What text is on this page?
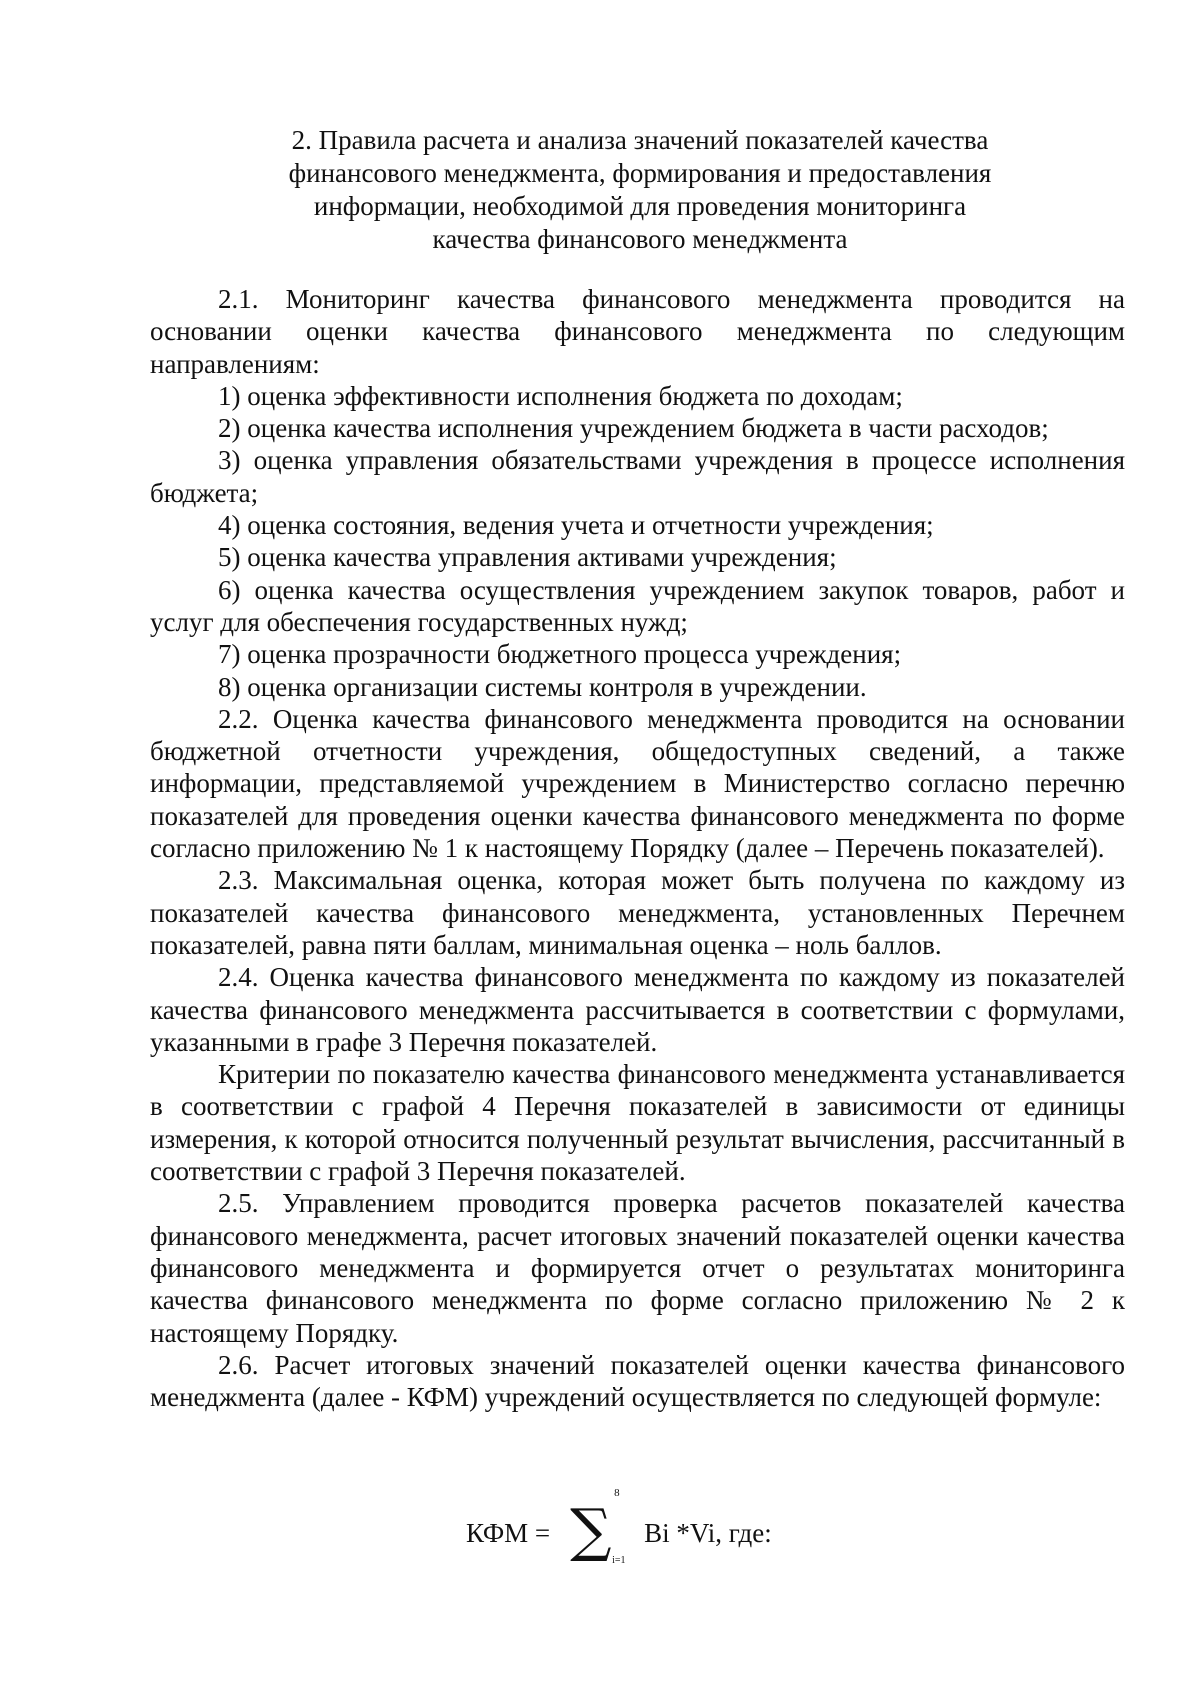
2. Правила расчета и анализа значений показателей качества
финансового менеджмента, формирования и предоставления
информации, необходимой для проведения мониторинга
качества финансового менеджмента

2.1. Мониторинг качества финансового менеджмента проводится на основании оценки качества финансового менеджмента по следующим направлениям:

1) оценка эффективности исполнения бюджета по доходам;

2) оценка качества исполнения учреждением бюджета в части расходов;

3) оценка управления обязательствами учреждения в процессе исполнения бюджета;

4) оценка состояния, ведения учета и отчетности учреждения;

5) оценка качества управления активами учреждения;

6) оценка качества осуществления учреждением закупок товаров, работ и услуг для обеспечения государственных нужд;

7) оценка прозрачности бюджетного процесса учреждения;

8) оценка организации системы контроля в учреждении.

2.2. Оценка качества финансового менеджмента проводится на основании бюджетной отчетности учреждения, общедоступных сведений, а также информации, представляемой учреждением в Министерство согласно перечню показателей для проведения оценки качества финансового менеджмента по форме согласно приложению № 1 к настоящему Порядку (далее – Перечень показателей).

2.3. Максимальная оценка, которая может быть получена по каждому из показателей качества финансового менеджмента, установленных Перечнем показателей, равна пяти баллам, минимальная оценка – ноль баллов.

2.4. Оценка качества финансового менеджмента по каждому из показателей качества финансового менеджмента рассчитывается в соответствии с формулами, указанными в графе 3 Перечня показателей.

Критерии по показателю качества финансового менеджмента устанавливается в соответствии с графой 4 Перечня показателей в зависимости от единицы измерения, к которой относится полученный результат вычисления, рассчитанный в соответствии с графой 3 Перечня показателей.

2.5. Управлением проводится проверка расчетов показателей качества финансового менеджмента, расчет итоговых значений показателей оценки качества финансового менеджмента и формируется отчет о результатах мониторинга качества финансового менеджмента по форме согласно приложению № 2 к настоящему Порядку.

2.6. Расчет итоговых значений показателей оценки качества финансового менеджмента (далее - КФМ) учреждений осуществляется по следующей формуле:

КФМ =
8
∑ i=1
Bi *Vi, где:
